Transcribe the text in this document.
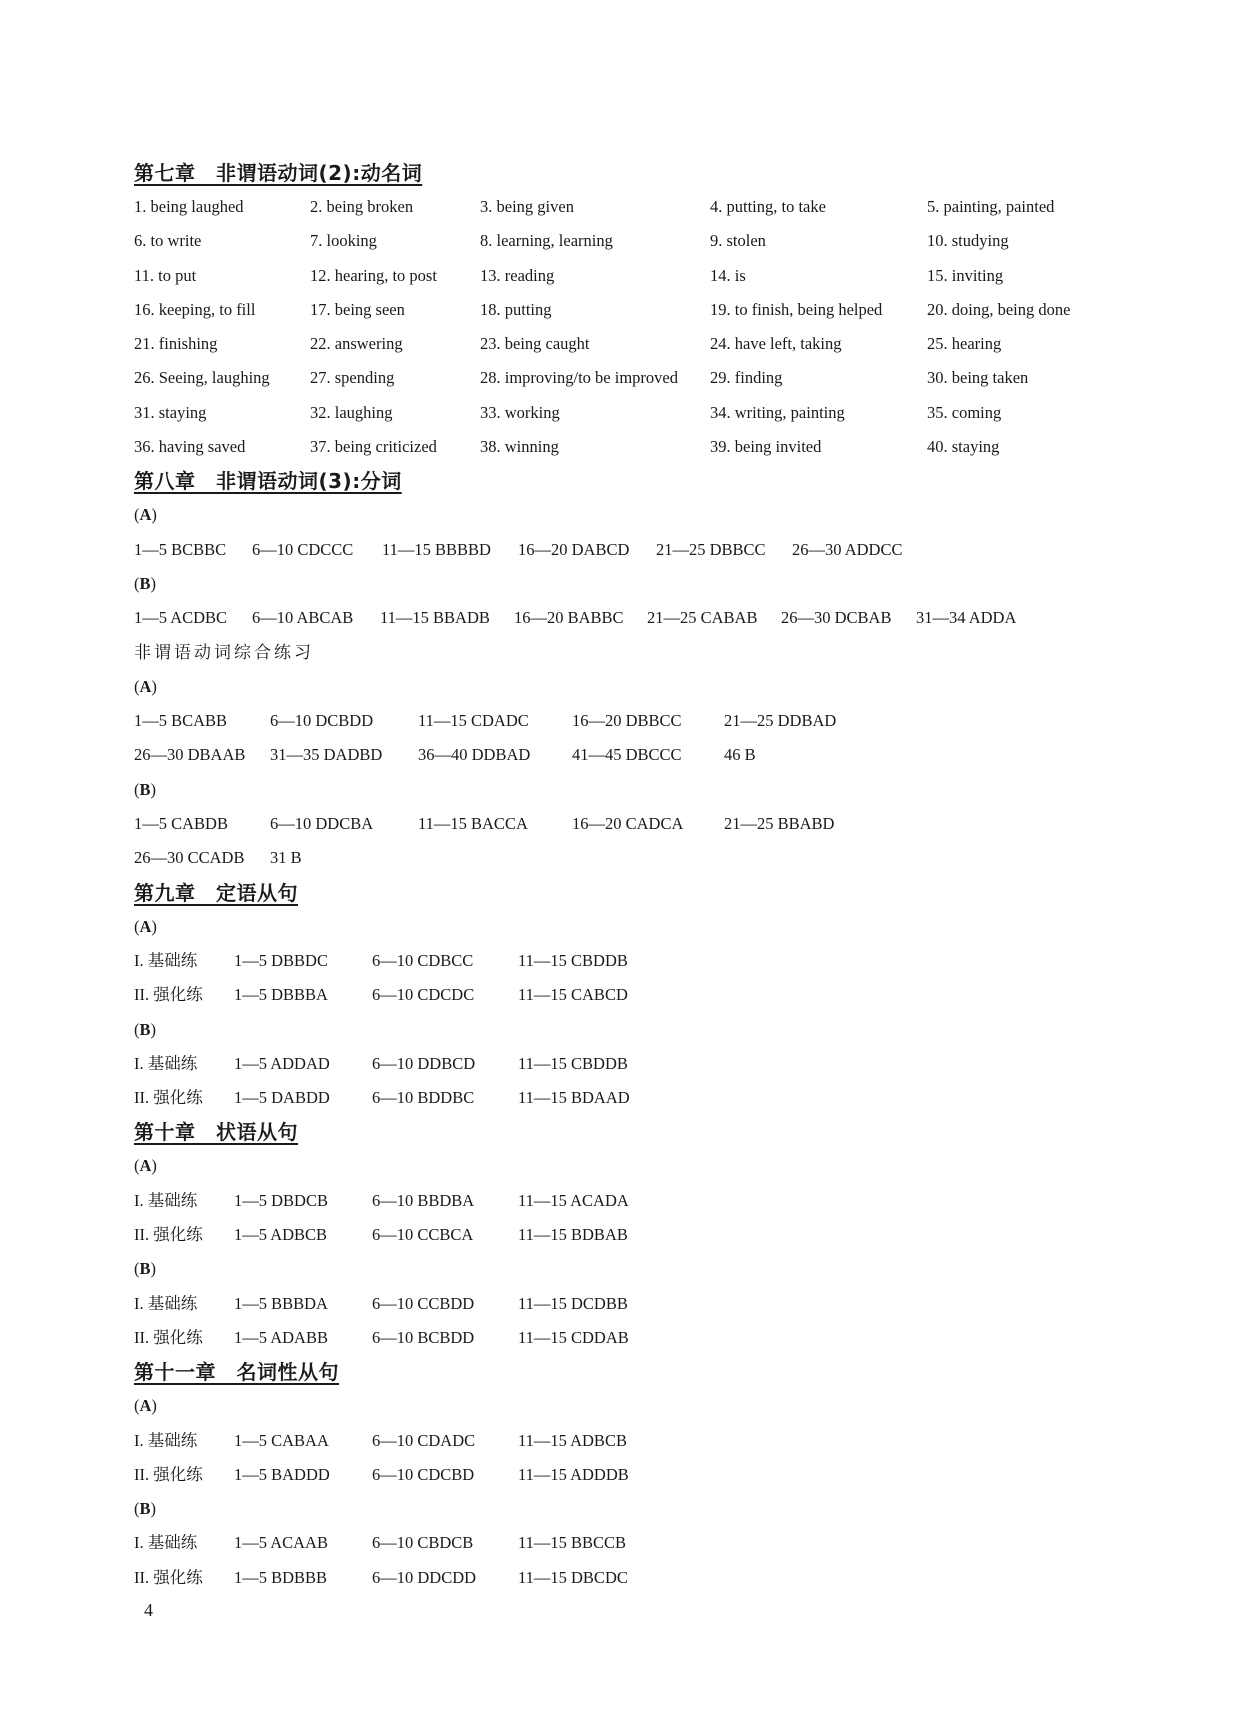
第七章　非谓语动词(2):动名词
1. being laughed	2. being broken	3. being given	4. putting, to take	5. painting, painted
6. to write	7. looking	8. learning, learning	9. stolen	10. studying
11. to put	12. hearing, to post	13. reading	14. is	15. inviting
16. keeping, to fill	17. being seen	18. putting	19. to finish, being helped	20. doing, being done
21. finishing	22. answering	23. being caught	24. have left, taking	25. hearing
26. Seeing, laughing 27. spending	28. improving/to be improved 29. finding	30. being taken
31. staying	32. laughing	33. working	34. writing, painting	35. coming
36. having saved	37. being criticized	38. winning	39. being invited	40. staying
第八章　非谓语动词(3):分词
(A)
1—5 BCBBC 6—10 CDCCC 11—15 BBBBD 16—20 DABCD 21—25 DBBCC 26—30 ADDCC
(B)
1—5 ACDBC 6—10 ABCAB 11—15 BBADB 16—20 BABBC 21—25 CABAB 26—30 DCBAB 31—34 ADDA
非谓语动词综合练习
(A)
1—5 BCABB	6—10 DCBDD	11—15 CDADC	16—20 DBBCC	21—25 DDBAD
26—30 DBAAB 31—35 DADBD 36—40 DDBAD	41—45 DBCCC	46 B
(B)
1—5 CABDB	6—10 DDCBA	11—15 BACCA	16—20 CADCA 21—25 BBABD
26—30 CCADB 31 B
第九章　定语从句
(A)
I. 基础练 1—5 DBBDC	6—10 CDBCC	11—15 CBDDB
II. 强化练 1—5 DBBBA	6—10 CDCDC	11—15 CABCD
(B)
I. 基础练 1—5 ADDAD	6—10 DDBCD	11—15 CBDDB
II. 强化练 1—5 DABDD	6—10 BDDBC	11—15 BDAAD
第十章　状语从句
(A)
I. 基础练 1—5 DBDCB	6—10 BBDBA	11—15 ACADA
II. 强化练 1—5 ADBCB	6—10 CCBCA	11—15 BDBAB
(B)
I. 基础练 1—5 BBBDA	6—10 CCBDD	11—15 DCDBB
II. 强化练 1—5 ADABB	6—10 BCBDD	11—15 CDDAB
第十一章　名词性从句
(A)
I. 基础练 1—5 CABAA	6—10 CDADC	11—15 ADBCB
II. 强化练 1—5 BADDD	6—10 CDCBD	11—15 ADDDB
(B)
I. 基础练 1—5 ACAAB	6—10 CBDCB	11—15 BBCCB
II. 强化练 1—5 BDBBB	6—10 DDCDD	11—15 DBCDC
4
